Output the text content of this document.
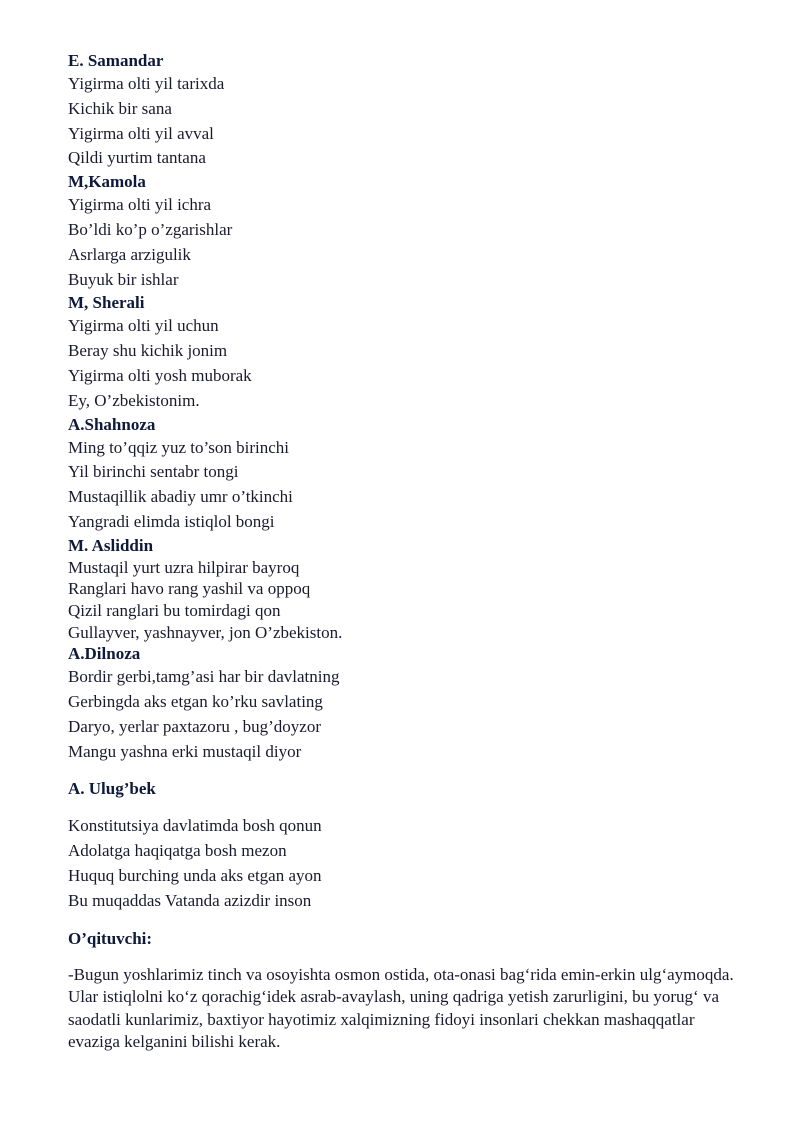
E. Samandar
Yigirma olti yil tarixda
Kichik bir sana
Yigirma olti yil avval
Qildi yurtim tantana
M,Kamola
Yigirma olti yil ichra
Bo’ldi ko’p o’zgarishlar
Asrlarga arzigulik
Buyuk bir ishlar
M, Sherali
Yigirma olti yil uchun
Beray shu kichik jonim
Yigirma olti yosh muborak
Ey, O’zbekistonim.
A.Shahnoza
Ming to’qqiz yuz to’son birinchi
Yil birinchi sentabr tongi
Mustaqillik abadiy umr o’tkinchi
Yangradi elimda istiqlol bongi
M. Asliddin
Mustaqil yurt uzra hilpirar bayroq
Ranglari havo rang yashil va oppoq
Qizil ranglari bu tomirdagi qon
Gullayver, yashnayver, jon O’zbekiston.
A.Dilnoza
Bordir gerbi,tamg’asi har bir davlatning
Gerbingda aks etgan ko’rku savlating
Daryo, yerlar paxtazoru , bug’doyzor
Mangu yashna erki mustaqil diyor
A. Ulug’bek
Konstitutsiya davlatimda bosh qonun
Adolatga haqiqatga bosh mezon
Huquq burching unda aks etgan ayon
Bu muqaddas Vatanda azizdir inson
O’qituvchi:
-Bugun yoshlarimiz tinch va osoyishta osmon ostida, ota-onasi bag‘rida emin-erkin ulg‘aymoqda. Ular istiqlolni ko‘z qorachig‘idek asrab-avaylash, uning qadriga yetish zarurligini, bu yorug‘ va saodatli kunlarimiz, baxtiyor hayotimiz xalqimizning fidoyi insonlari chekkan mashaqqatlar evaziga kelganini bilishi kerak.
